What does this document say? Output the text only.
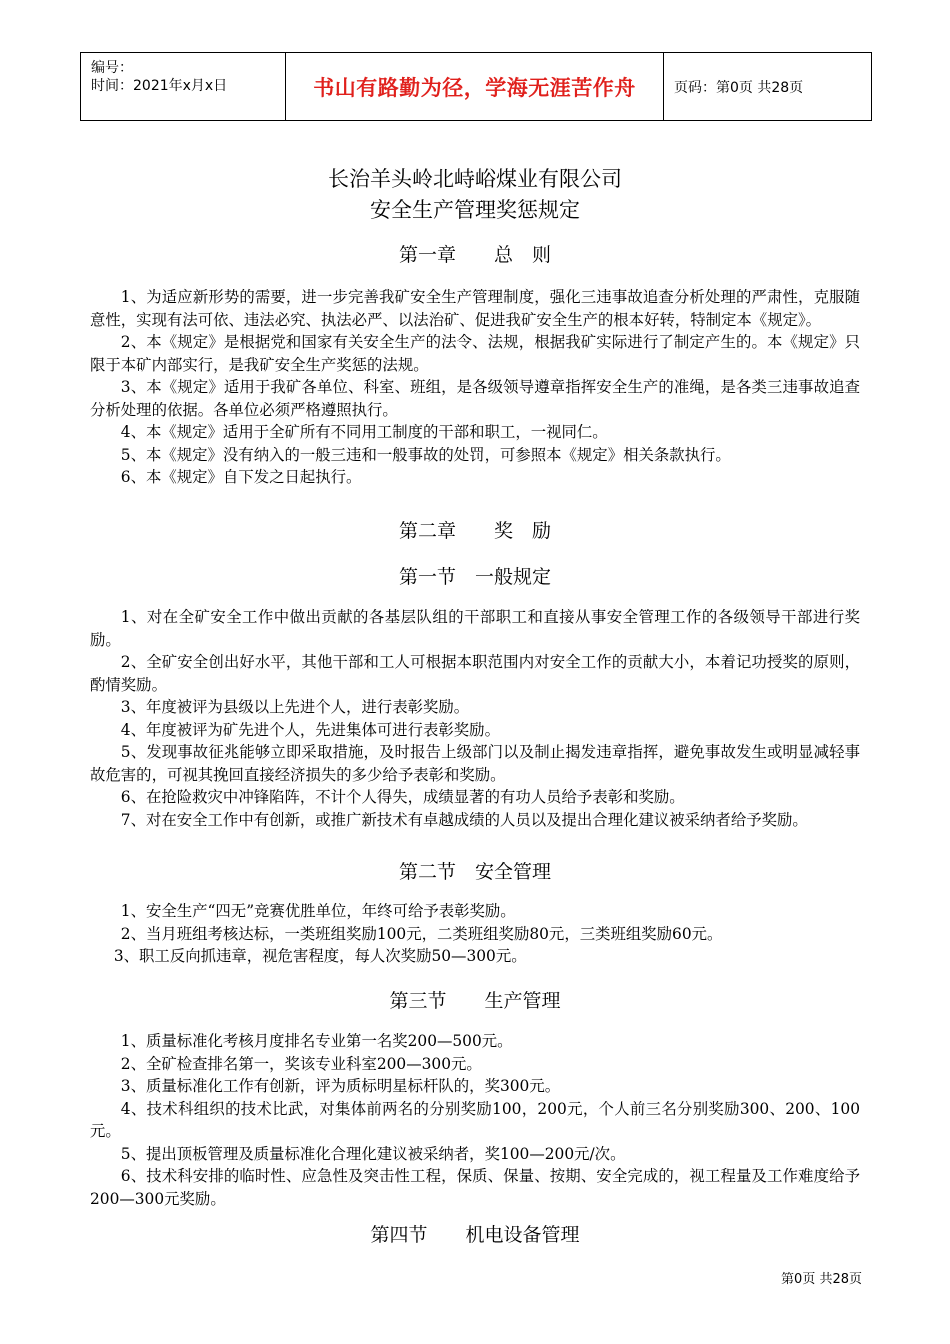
编号：
时间：2021年x月x日	书山有路勤为径，学海无涯苦作舟	页码：第0页 共28页
长治羊头岭北峙峪煤业有限公司
安全生产管理奖惩规定
第一章　　总　则

1、为适应新形势的需要，进一步完善我矿安全生产管理制度，强化三违事故追查分析处理的严肃性，克服随意性，实现有法可依、违法必究、执法必严、以法治矿、促进我矿安全生产的根本好转，特制定本《规定》。

2、本《规定》是根据党和国家有关安全生产的法令、法规，根据我矿实际进行了制定产生的。本《规定》只限于本矿内部实行，是我矿安全生产奖惩的法规。

3、本《规定》适用于我矿各单位、科室、班组，是各级领导遵章指挥安全生产的准绳，是各类三违事故追查分析处理的依据。各单位必须严格遵照执行。

4、本《规定》适用于全矿所有不同用工制度的干部和职工，一视同仁。

5、本《规定》没有纳入的一般三违和一般事故的处罚，可参照本《规定》相关条款执行。

6、本《规定》自下发之日起执行。

第二章　　奖　励
第一节　一般规定

1、对在全矿安全工作中做出贡献的各基层队组的干部职工和直接从事安全管理工作的各级领导干部进行奖励。

2、全矿安全创出好水平，其他干部和工人可根据本职范围内对安全工作的贡献大小，本着记功授奖的原则，酌情奖励。

3、年度被评为县级以上先进个人，进行表彰奖励。

4、年度被评为矿先进个人，先进集体可进行表彰奖励。

5、发现事故征兆能够立即采取措施，及时报告上级部门以及制止揭发违章指挥，避免事故发生或明显减轻事故危害的，可视其挽回直接经济损失的多少给予表彰和奖励。

6、在抢险救灾中冲锋陷阵，不计个人得失，成绩显著的有功人员给予表彰和奖励。

7、对在安全工作中有创新，或推广新技术有卓越成绩的人员以及提出合理化建议被采纳者给予奖励。

第二节　安全管理

1、安全生产“四无”竞赛优胜单位，年终可给予表彰奖励。

2、当月班组考核达标，一类班组奖励100元，二类班组奖励80元，三类班组奖励60元。

3、职工反向抓违章，视危害程度，每人次奖励50—300元。

第三节　　生产管理

1、质量标准化考核月度排名专业第一名奖200—500元。

2、全矿检查排名第一，奖该专业科室200—300元。

3、质量标准化工作有创新，评为质标明星标杆队的，奖300元。

4、技术科组织的技术比武，对集体前两名的分别奖励100，200元，个人前三名分别奖励300、200、100元。

5、提出顶板管理及质量标准化合理化建议被采纳者，奖100—200元/次。

6、技术科安排的临时性、应急性及突击性工程，保质、保量、按期、安全完成的，视工程量及工作难度给予200—300元奖励。

第四节　　机电设备管理
第0页 共28页
